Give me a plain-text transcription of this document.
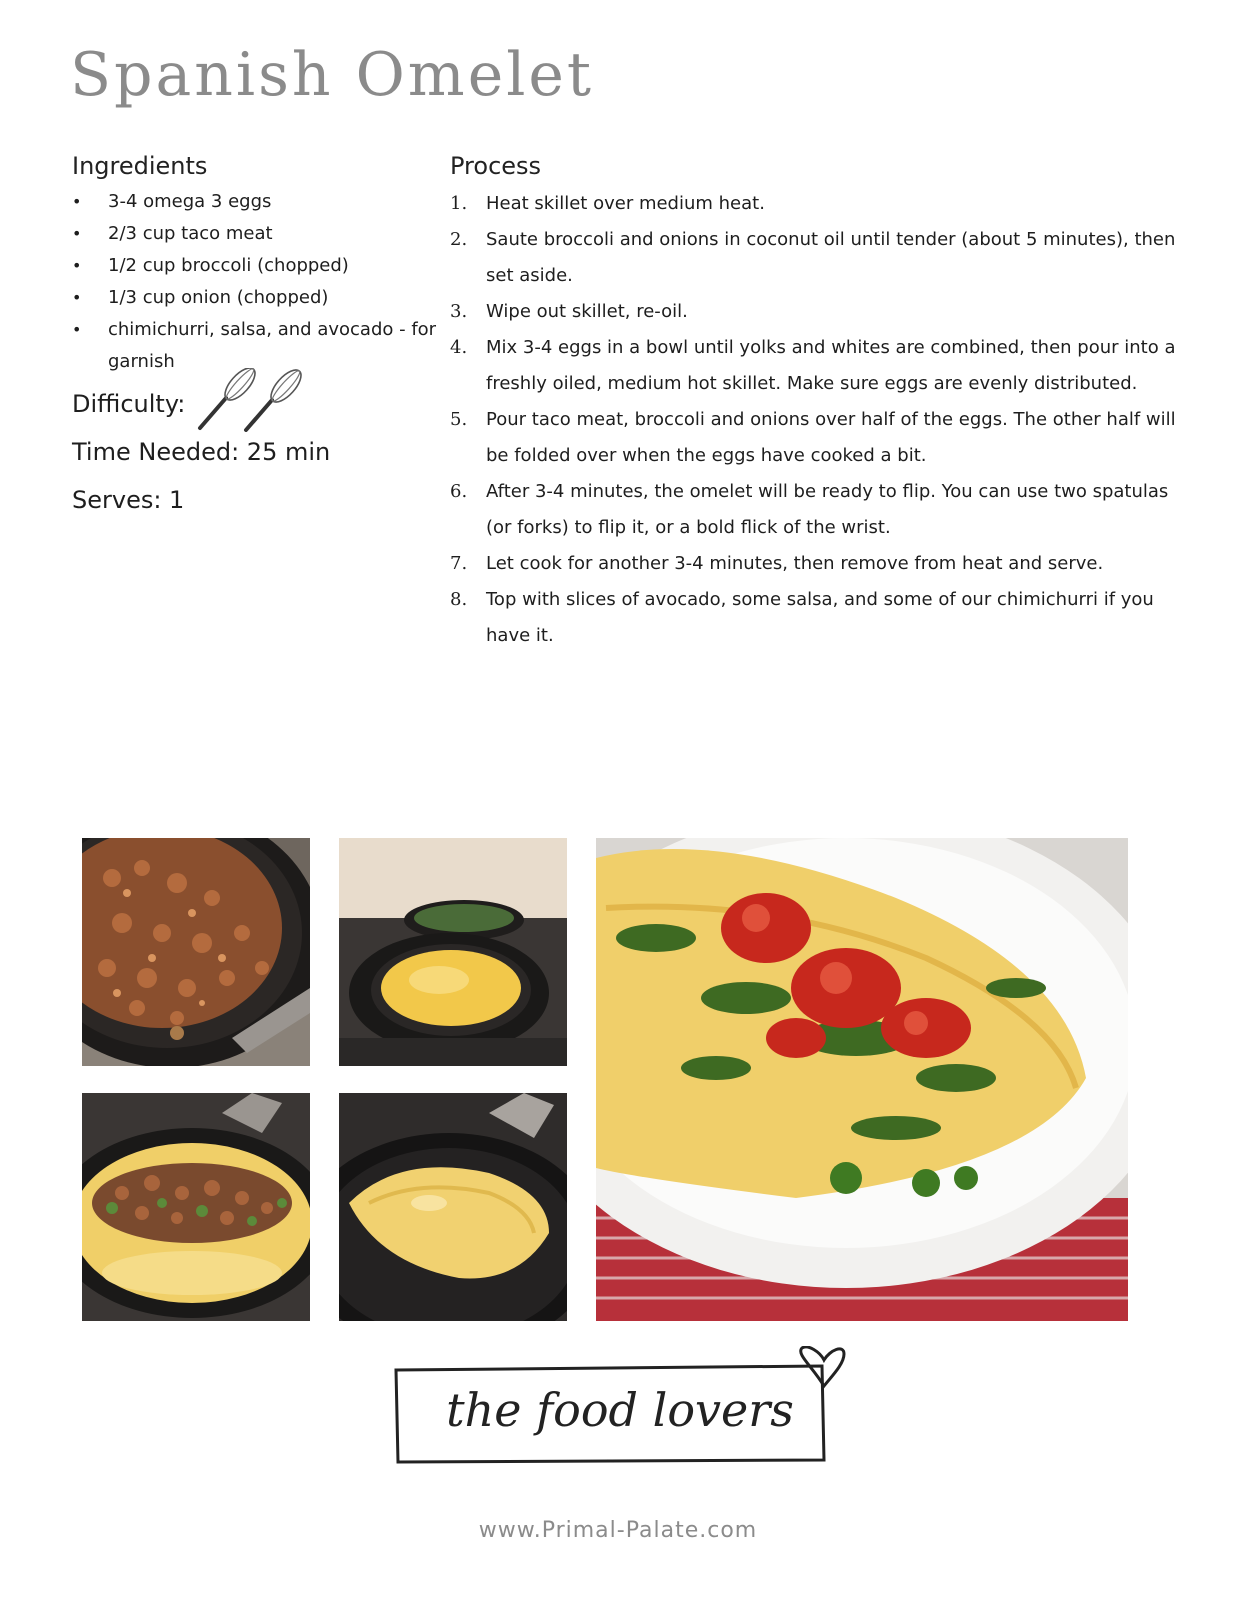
Spanish Omelet
Ingredients
• 3-4 omega 3 eggs
• 2/3 cup taco meat
• 1/2 cup broccoli (chopped)
• 1/3 cup onion (chopped)
• chimichurri, salsa, and avocado - for garnish

Difficulty:

Time Needed: 25 min

Serves: 1

Process
1. Heat skillet over medium heat.
2. Saute broccoli and onions in coconut oil until tender (about 5 minutes), then set aside.
3. Wipe out skillet, re-oil.
4. Mix 3-4 eggs in a bowl until yolks and whites are combined, then pour into a freshly oiled, medium hot skillet. Make sure eggs are evenly distributed.
5. Pour taco meat, broccoli and onions over half of the eggs. The other half will be folded over when the eggs have cooked a bit.
6. After 3-4 minutes, the omelet will be ready to flip. You can use two spatulas (or forks) to flip it, or a bold flick of the wrist.
7. Let cook for another 3-4 minutes, then remove from heat and serve.
8. Top with slices of avocado, some salsa, and some of our chimichurri if you have it.
the food lovers
www.Primal-Palate.com
